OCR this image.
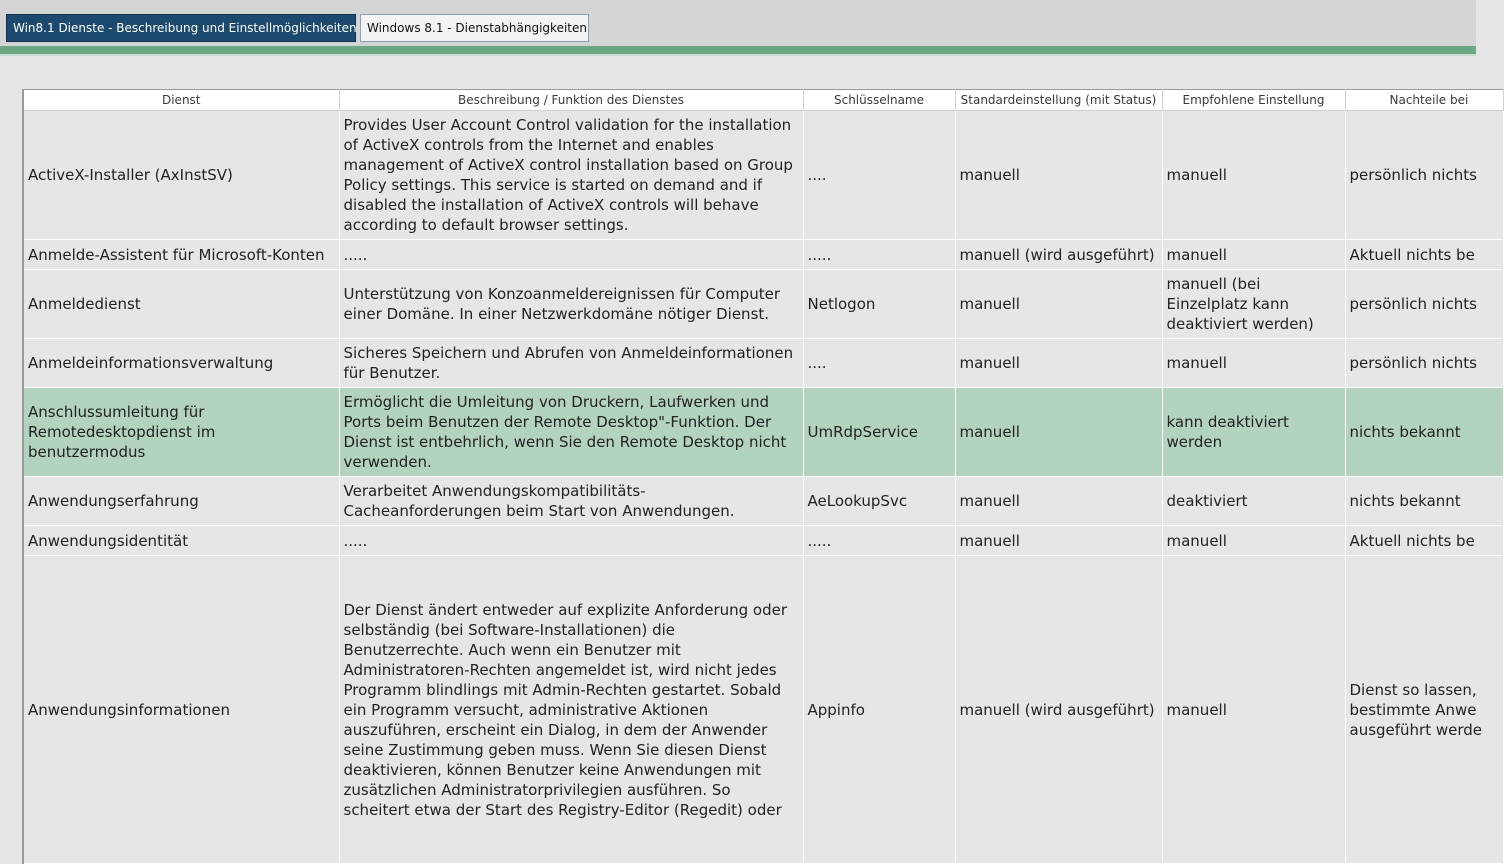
Win8.1 Dienste - Beschreibung und Einstellmöglichkeiten Windows 8.1 - Dienstabhängigkeiten
Dienst	Beschreibung / Funktion des Dienstes	Schlüsselname	Standardeinstellung (mit Status)	Empfohlene Einstellung	Nachteile bei
ActiveX-Installer (AxInstSV)	Provides User Account Control validation for the installation of ActiveX controls from the Internet and enables management of ActiveX control installation based on Group Policy settings. This service is started on demand and if disabled the installation of ActiveX controls will behave according to default browser settings.	....	manuell	manuell	persönlich nichts
Anmelde-Assistent für Microsoft-Konten	.....	.....	manuell (wird ausgeführt)	manuell	Aktuell nichts be
Anmeldedienst	Unterstützung von Konzoanmeldereignissen für Computer einer Domäne. In einer Netzwerkdomäne nötiger Dienst.	Netlogon	manuell	manuell (bei Einzelplatz kann deaktiviert werden)	persönlich nichts
Anmeldeinformationsverwaltung	Sicheres Speichern und Abrufen von Anmeldeinformationen für Benutzer.	....	manuell	manuell	persönlich nichts
Anschlussumleitung für Remotedesktopdienst im benutzermodus	Ermöglicht die Umleitung von Druckern, Laufwerken und Ports beim Benutzen der Remote Desktop"-Funktion. Der Dienst ist entbehrlich, wenn Sie den Remote Desktop nicht verwenden.	UmRdpService	manuell	kann deaktiviert werden	nichts bekannt
Anwendungserfahrung	Verarbeitet Anwendungskompatibilitäts-Cacheanforderungen beim Start von Anwendungen.	AeLookupSvc	manuell	deaktiviert	nichts bekannt
Anwendungsidentität	.....	.....	manuell	manuell	Aktuell nichts be
Anwendungsinformationen	Der Dienst ändert entweder auf explizite Anforderung oder selbständig (bei Software-Installationen) die Benutzerrechte. Auch wenn ein Benutzer mit Administratoren-Rechten angemeldet ist, wird nicht jedes Programm blindlings mit Admin-Rechten gestartet. Sobald ein Programm versucht, administrative Aktionen auszuführen, erscheint ein Dialog, in dem der Anwender seine Zustimmung geben muss. Wenn Sie diesen Dienst deaktivieren, können Benutzer keine Anwendungen mit zusätzlichen Administratorprivilegien ausführen. So scheitert etwa der Start des Registry-Editor (Regedit) oder	Appinfo	manuell (wird ausgeführt)	manuell	Dienst so lassen, bestimmte Anwe ausgeführt werde
